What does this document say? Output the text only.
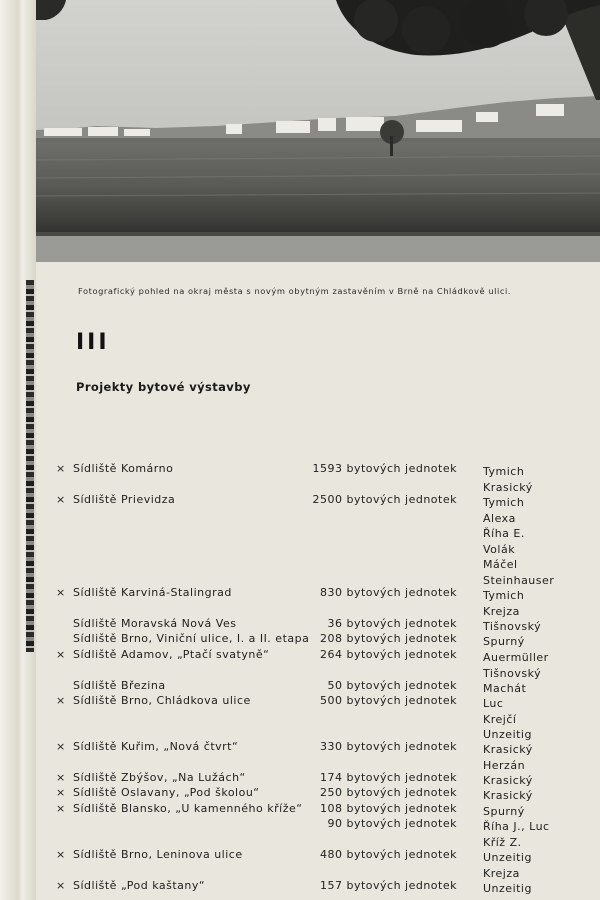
Fotografický pohled na okraj města s novým obytným zastavěním v Brně na Chládkově ulici.
III
Projekty bytové výstavby
× Sídliště Komárno	1593 bytových jednotek Tymich
Krasický
× Sídliště Prievidza	2500 bytových jednotek Tymich
Alexa
Říha E.
Volák
Máčel
Steinhauser
× Sídliště Karviná-Stalingrad	830 bytových jednotek Tymich
Krejza
Sídliště Moravská Nová Ves	36 bytových jednotek Tišnovský
Sídliště Brno, Viniční ulice, I. a II. etapa 208 bytových jednotek Spurný
× Sídliště Adamov, „Ptačí svatyně“	264 bytových jednotek Auermüller
Tišnovský
Sídliště Březina	50 bytových jednotek Machát
× Sídliště Brno, Chládkova ulice	500 bytových jednotek Luc
Krejčí
Unzeitig
× Sídliště Kuřim, „Nová čtvrt“	330 bytových jednotek Krasický
Herzán
× Sídliště Zbýšov, „Na Lužách“	174 bytových jednotek Krasický
× Sídliště Oslavany, „Pod školou“	250 bytových jednotek Krasický
× Sídliště Blansko, „U kamenného kříže“ 108 bytových jednotek Spurný
90 bytových jednotek Říha J., Luc
Kříž Z.
× Sídliště Brno, Leninova ulice	480 bytových jednotek Unzeitig
Krejza
× Sídliště „Pod kaštany“	157 bytových jednotek Unzeitig
